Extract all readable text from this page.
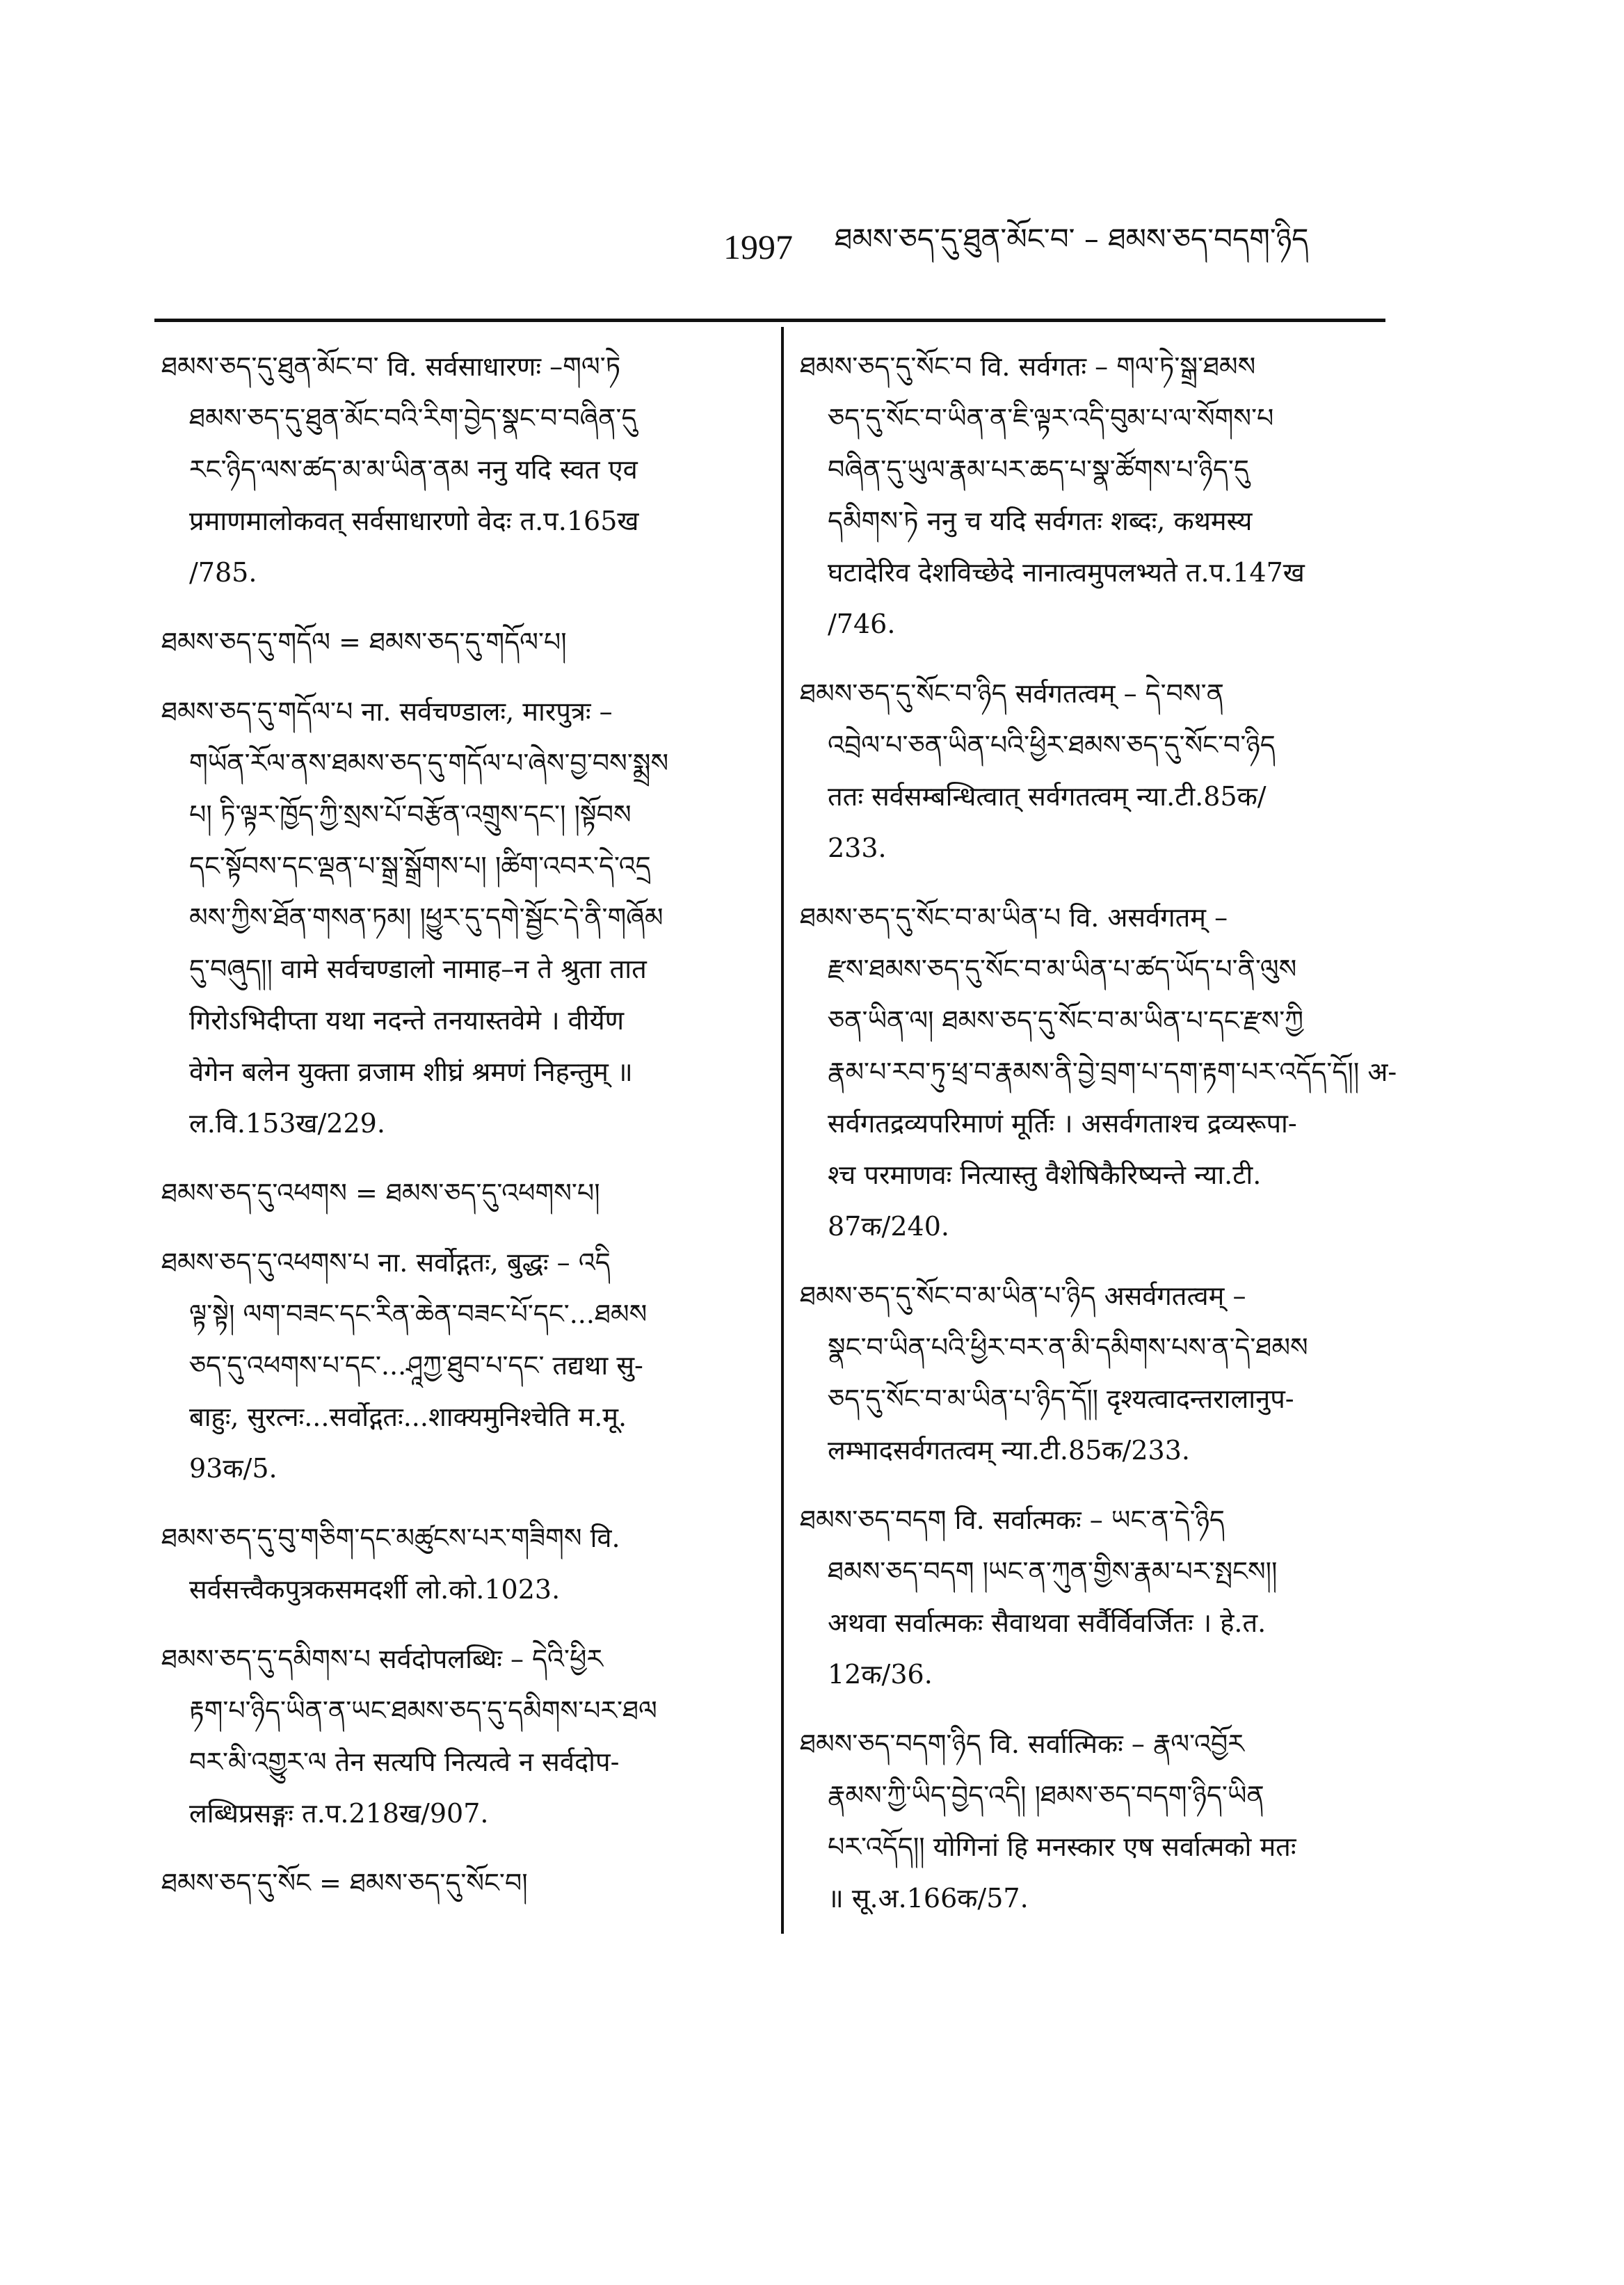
1997 ཐམས་ཅད་དུ་ཐུན་མོང་བ་ – ཐམས་ཅད་བདག་ཉིད
ཐམས་ཅད་དུ་ཐུན་མོང་བ་ वि. सर्वसाधारणः –གལ་ཏེ
ཐམས་ཅད་དུ་ཐུན་མོང་བའི་རིག་བྱེད་སྣང་བ་བཞིན་དུ
རང་ཉིད་ལས་ཚད་མ་མ་ཡིན་ནམ ननु यदि स्वत एव
प्रमाणमालोकवत् सर्वसाधारणो वेदः त.प.165ख
/785.
ཐམས་ཅད་དུ་གདོལ = ཐམས་ཅད་དུ་གདོལ་པ།
ཐམས་ཅད་དུ་གདོལ་པ ना. सर्वचण्डालः, मारपुत्रः –
གཡོན་རོལ་ནས་ཐམས་ཅད་དུ་གདོལ་པ་ཞེས་བྱ་བས་སྨྲས
པ། ཏི་ལྟར་ཁྱོད་ཀྱི་སྲས་པོ་བརྩོན་འགྲུས་དང་། །སྟོབས
དང་སྟོབས་དང་ལྡན་པ་སྒྲ་སྒྲོགས་པ། །ཚིག་འབར་དེ་འདྲ
མས་ཀྱིས་ཐོན་གསན་ཏམ། །ཕྱུར་དུ་དགེ་སྦྱོང་དེ་ནི་གཞོམ
དུ་བཞུད།། वामे सर्वचण्डालो नामाह–न ते श्रुता तात
गिरोऽभिदीप्ता यथा नदन्ते तनयास्तवेमे । वीर्येण
वेगेन बलेन युक्ता व्रजाम शीघ्रं श्रमणं निहन्तुम् ॥
ल.वि.153ख/229.
ཐམས་ཅད་དུ་འཕགས = ཐམས་ཅད་དུ་འཕགས་པ།
ཐམས་ཅད་དུ་འཕགས་པ ना. सर्वोद्गतः, बुद्धः – འདི
ལྟ་སྟེ། ལག་བཟང་དང་རིན་ཆེན་བཟང་པོ་དང་...ཐམས
ཅད་དུ་འཕགས་པ་དང་...ཤཱཀྱ་ཐུབ་པ་དང་ तद्यथा सु-
बाहुः, सुरत्नः...सर्वोद्गतः...शाक्यमुनिश्चेति म.मू.
93क/5.
ཐམས་ཅད་དུ་བུ་གཅིག་དང་མཚུངས་པར་གཟིགས वि.
सर्वसत्त्वैकपुत्रकसमदर्शी लो.को.1023.
ཐམས་ཅད་དུ་དམིགས་པ सर्वदोपलब्धिः – དེའི་ཕྱིར
རྟག་པ་ཉིད་ཡིན་ན་ཡང་ཐམས་ཅད་དུ་དམིགས་པར་ཐལ
བར་མི་འགྱུར་ལ तेन सत्यपि नित्यत्वे न सर्वदोप-
लब्धिप्रसङ्गः त.प.218ख/907.
ཐམས་ཅད་དུ་སོང = ཐམས་ཅད་དུ་སོང་བ།
ཐམས་ཅད་དུ་སོང་བ वि. सर्वगतः – གལ་ཏེ་སྒྲ་ཐམས
ཅད་དུ་སོང་བ་ཡིན་ན་ཇི་ལྟར་འདི་བུམ་པ་ལ་སོགས་པ
བཞིན་དུ་ཡུལ་རྣམ་པར་ཆད་པ་སྣ་ཚོགས་པ་ཉིད་དུ
དམིགས་ཏེ ननु च यदि सर्वगतः शब्दः, कथमस्य
घटादेरिव देशविच्छेदे नानात्वमुपलभ्यते त.प.147ख
/746.
ཐམས་ཅད་དུ་སོང་བ་ཉིད सर्वगतत्वम् – དེ་བས་ན
འབྲེལ་པ་ཅན་ཡིན་པའི་ཕྱིར་ཐམས་ཅད་དུ་སོང་བ་ཉིད
ततः सर्वसम्बन्धित्वात् सर्वगतत्वम् न्या.टी.85क/
233.
ཐམས་ཅད་དུ་སོང་བ་མ་ཡིན་པ वि. असर्वगतम् –
རྫས་ཐམས་ཅད་དུ་སོང་བ་མ་ཡིན་པ་ཚད་ཡོད་པ་ནི་ལུས
ཅན་ཡིན་ལ། ཐམས་ཅད་དུ་སོང་བ་མ་ཡིན་པ་དང་རྫས་ཀྱི
རྣམ་པ་རབ་ཏུ་ཕྲ་བ་རྣམས་ནི་བྱེ་བྲག་པ་དག་རྟག་པར་འདོད་དོ།། अ-
सर्वगतद्रव्यपरिमाणं मूर्तिः । असर्वगताश्च द्रव्यरूपा-
श्च परमाणवः नित्यास्तु वैशेषिकैरिष्यन्ते न्या.टी.
87क/240.
ཐམས་ཅད་དུ་སོང་བ་མ་ཡིན་པ་ཉིད असर्वगतत्वम् –
སྣང་བ་ཡིན་པའི་ཕྱིར་བར་ན་མི་དམིགས་པས་ན་དེ་ཐམས
ཅད་དུ་སོང་བ་མ་ཡིན་པ་ཉིད་དོ།། दृश्यत्वादन्तरालानुप-
लम्भादसर्वगतत्वम् न्या.टी.85क/233.
ཐམས་ཅད་བདག वि. सर्वात्मकः – ཡང་ན་དེ་ཉིད
ཐམས་ཅད་བདག །ཡང་ན་ཀུན་གྱིས་རྣམ་པར་སྤངས།།
अथवा सर्वात्मकः सैवाथवा सर्वैर्विवर्जितः । हे.त.
12क/36.
ཐམས་ཅད་བདག་ཉིད वि. सर्वात्मिकः – རྣལ་འབྱོར
རྣམས་ཀྱི་ཡིད་བྱེད་འདི། །ཐམས་ཅད་བདག་ཉིད་ཡིན
པར་འདོད།། योगिनां हि मनस्कार एष सर्वात्मको मतः
॥ सू.अ.166क/57.
